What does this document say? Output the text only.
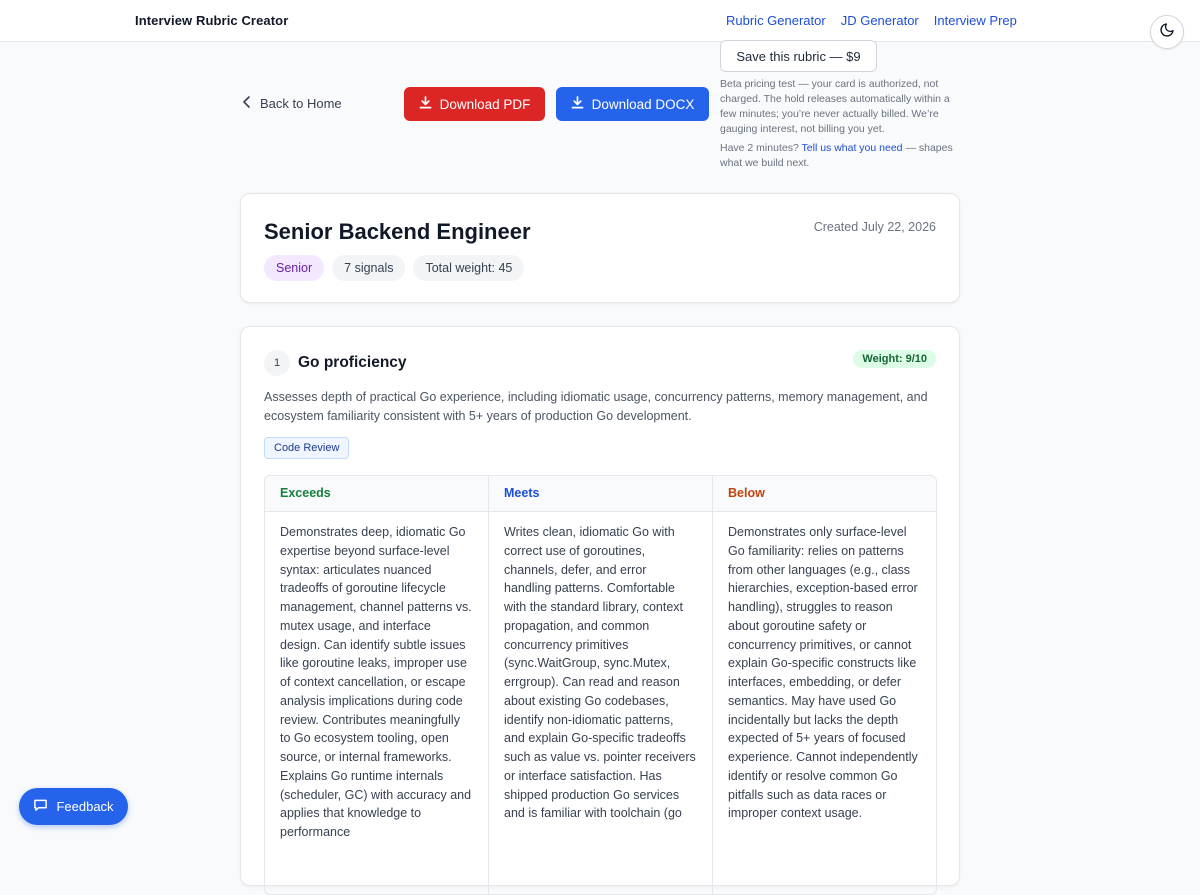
Interview Rubric Creator	Rubric Generator JD Generator Interview Prep
Save this rubric — $9
Beta pricing test — your card is authorized, not charged. The hold releases automatically within a few minutes; you’re never actually billed. We’re gauging interest, not billing you yet.
Have 2 minutes? Tell us what you need — shapes what we build next.
Back to Home	Download PDF	Download DOCX
Senior Backend Engineer	Created July 22, 2026
Senior	7 signals	Total weight: 45
1	Go proficiency	Weight: 9/10
Assesses depth of practical Go experience, including idiomatic usage, concurrency patterns, memory management, and ecosystem familiarity consistent with 5+ years of production Go development.
Code Review
Exceeds	Meets	Below
Demonstrates deep, idiomatic Go expertise beyond surface-level syntax: articulates nuanced tradeoffs of goroutine lifecycle management, channel patterns vs. mutex usage, and interface design. Can identify subtle issues like goroutine leaks, improper use of context cancellation, or escape analysis implications during code review. Contributes meaningfully to Go ecosystem tooling, open source, or internal frameworks. Explains Go runtime internals (scheduler, GC) with accuracy and applies that knowledge to performance
Writes clean, idiomatic Go with correct use of goroutines, channels, defer, and error handling patterns. Comfortable with the standard library, context propagation, and common concurrency primitives (sync.WaitGroup, sync.Mutex, errgroup). Can read and reason about existing Go codebases, identify non-idiomatic patterns, and explain Go-specific tradeoffs such as value vs. pointer receivers or interface satisfaction. Has shipped production Go services and is familiar with toolchain (go
Demonstrates only surface-level Go familiarity: relies on patterns from other languages (e.g., class hierarchies, exception-based error handling), struggles to reason about goroutine safety or concurrency primitives, or cannot explain Go-specific constructs like interfaces, embedding, or defer semantics. May have used Go incidentally but lacks the depth expected of 5+ years of focused experience. Cannot independently identify or resolve common Go pitfalls such as data races or improper context usage.
Feedback
